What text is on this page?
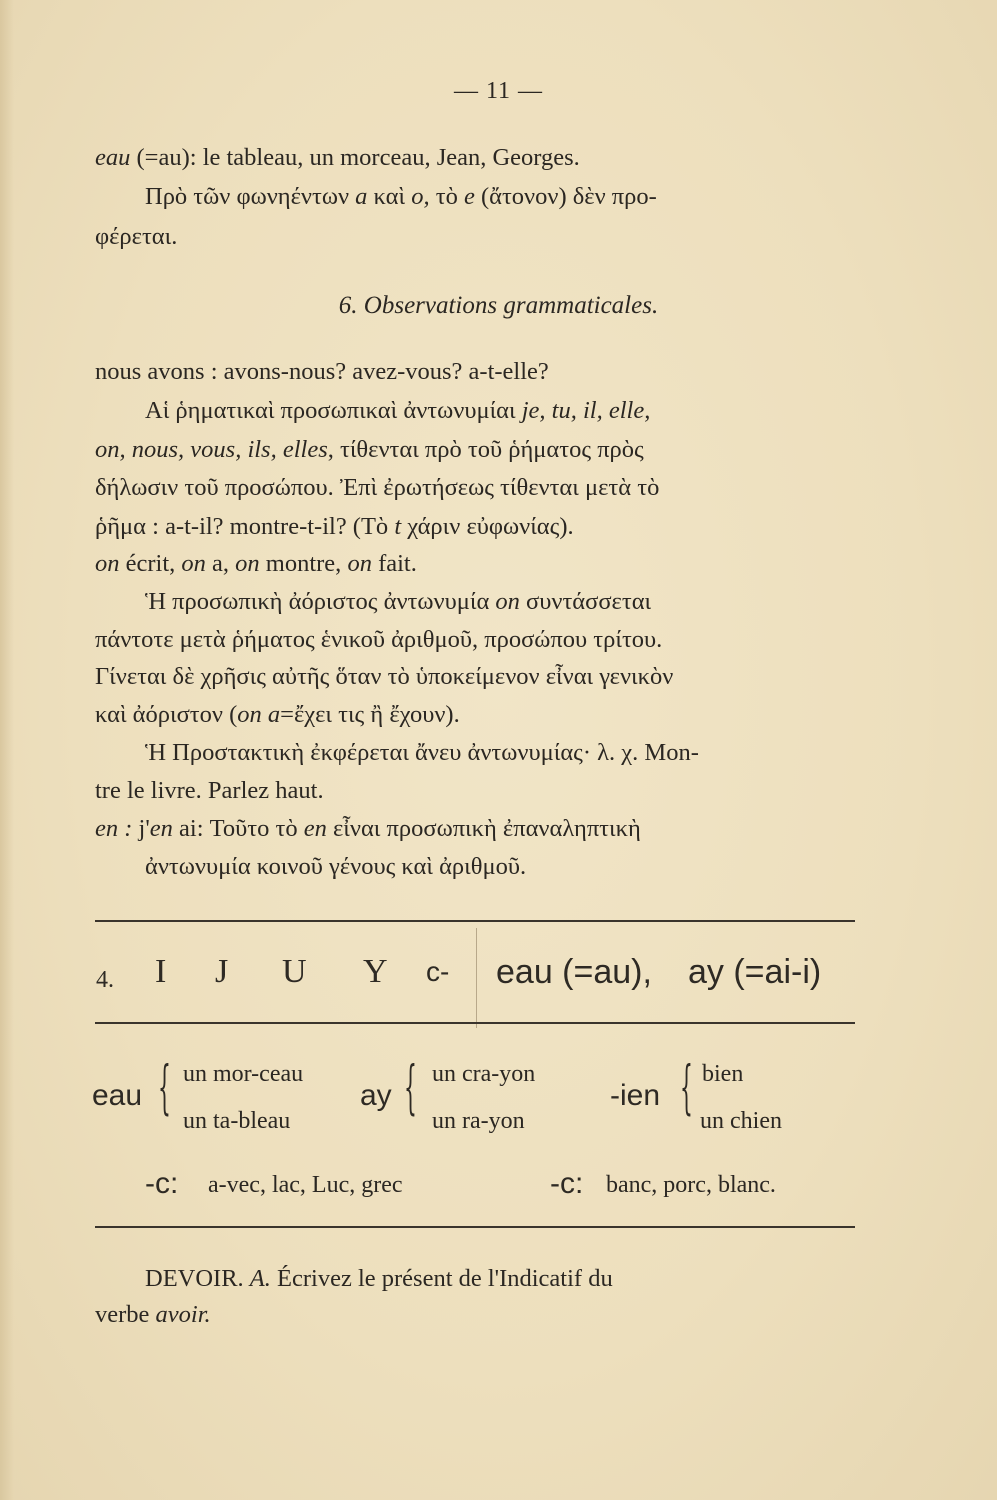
— 11 —
eau (=au): le tableau, un morceau, Jean, Georges.
Πρὸ τῶν φωνηέντων a καὶ o, τὸ e (ἄτονον) δὲν προ-
φέρεται.
6. Observations grammaticales.
nous avons : avons-nous? avez-vous? a-t-elle?
Αἱ ῥηματικαὶ προσωπικαὶ ἀντωνυμίαι je, tu, il, elle,
on, nous, vous, ils, elles, τίθενται πρὸ τοῦ ῥήματος πρὸς
δήλωσιν τοῦ προσώπου. Ἐπὶ ἐρωτήσεως τίθενται μετὰ τὸ
ῥῆμα : a-t-il? montre-t-il? (Τὸ t χάριν εὐφωνίας).
on écrit, on a, on montre, on fait.
Ἡ προσωπικὴ ἀόριστος ἀντωνυμία on συντάσσεται
πάντοτε μετὰ ῥήματος ἑνικοῦ ἀριθμοῦ, προσώπου τρίτου.
Γίνεται δὲ χρῆσις αὐτῆς ὅταν τὸ ὑποκείμενον εἶναι γενικὸν
καὶ ἀόριστον (on a=ἔχει τις ἢ ἔχουν).
Ἡ Προστακτικὴ ἐκφέρεται ἄνευ ἀντωνυμίας· λ. χ. Mon-
tre le livre. Parlez haut.
en : j'en ai: Τοῦτο τὸ en εἶναι προσωπικὴ ἐπαναληπτικὴ
ἀντωνυμία κοινοῦ γένους καὶ ἀριθμοῦ.
4. I J U Y c- eau (=au), ay (=ai-i)
eau { un mor-ceau
un ta-bleau
ay { un cra-yon
un ra-yon
-ien { bien
un chien
-c: a-vec, lac, Luc, grec	-c: banc, porc, blanc.
DEVOIR. A. Écrivez le présent de l'Indicatif du
verbe avoir.
